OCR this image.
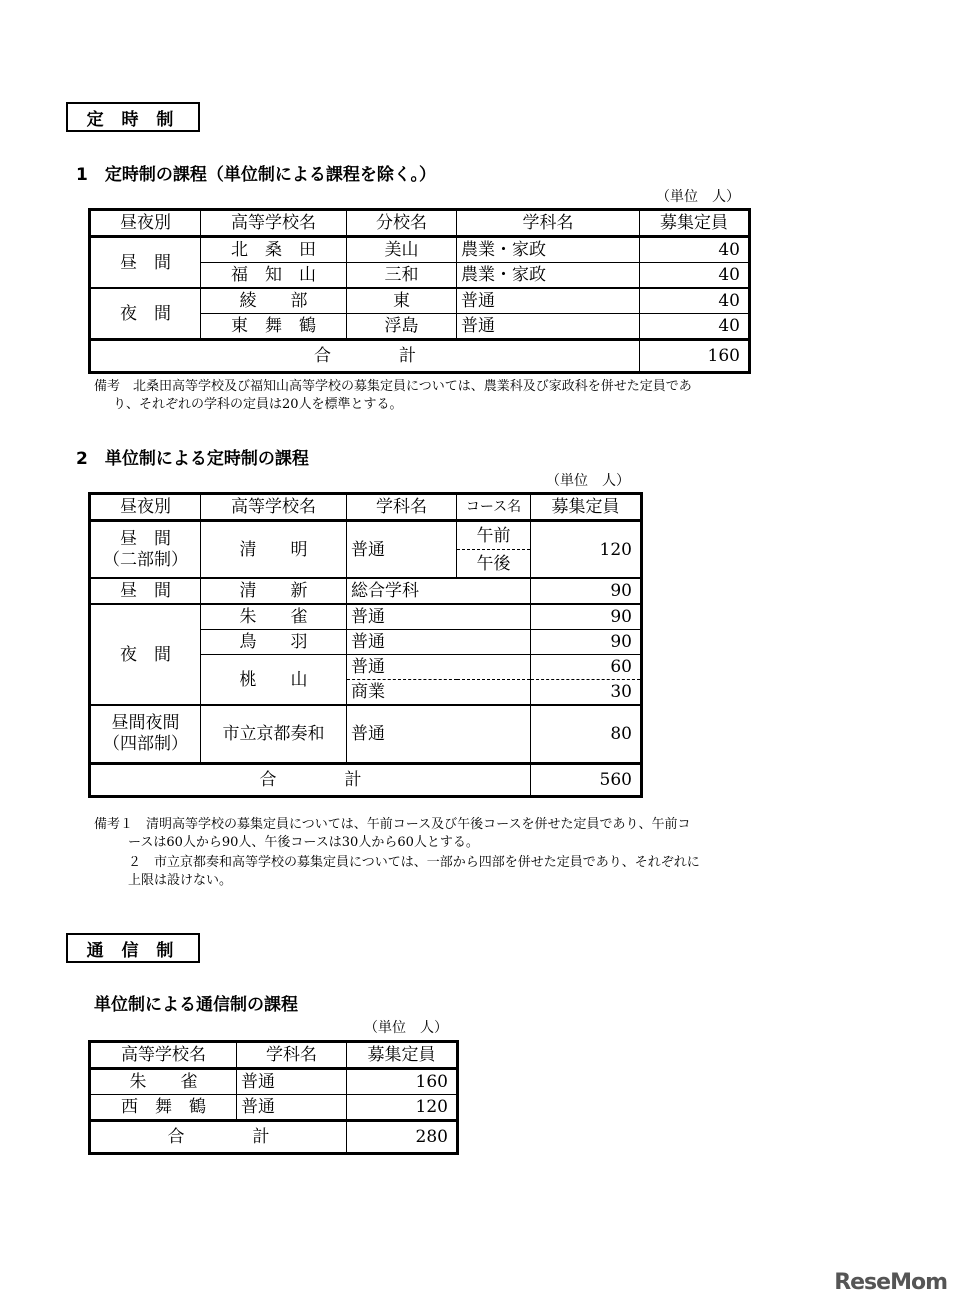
定 時 制
1　定時制の課程（単位制による課程を除く。）
（単位　人）
昼夜別	高等学校名	分校名	学科名	募集定員
昼　間	北　桑　田	美山	農業・家政	40
	福　知　山	三和	農業・家政	40
夜　間	綾　　部	東	普通	40
	東　舞　鶴	浮島	普通	40
合　　　　計				160
備考　北桑田高等学校及び福知山高等学校の募集定員については、農業科及び家政科を併せた定員であ
り、それぞれの学科の定員は20人を標準とする。
2　単位制による定時制の課程
（単位　人）
昼夜別	高等学校名	学科名	コース名	募集定員

昼　間
（二部制）	清　　明	普通	午前	120
			午後	
昼　間	清　　新	総合学科		90
夜　間	朱　　雀	普通		90
	鳥　　羽	普通		90
	桃　　山	普通		60
		商業		30

昼間夜間
（四部制）	市立京都奏和	普通		80
合　　　　計				560
備考１　清明高等学校の募集定員については、午前コース及び午後コースを併せた定員であり、午前コ
ースは60人から90人、午後コースは30人から60人とする。
２　市立京都奏和高等学校の募集定員については、一部から四部を併せた定員であり、それぞれに
上限は設けない。
通 信 制
単位制による通信制の課程
（単位　人）
高等学校名	学科名	募集定員
朱　　雀	普通	160
西　舞　鶴	普通	120
合　　　　計		280
ReseMom
